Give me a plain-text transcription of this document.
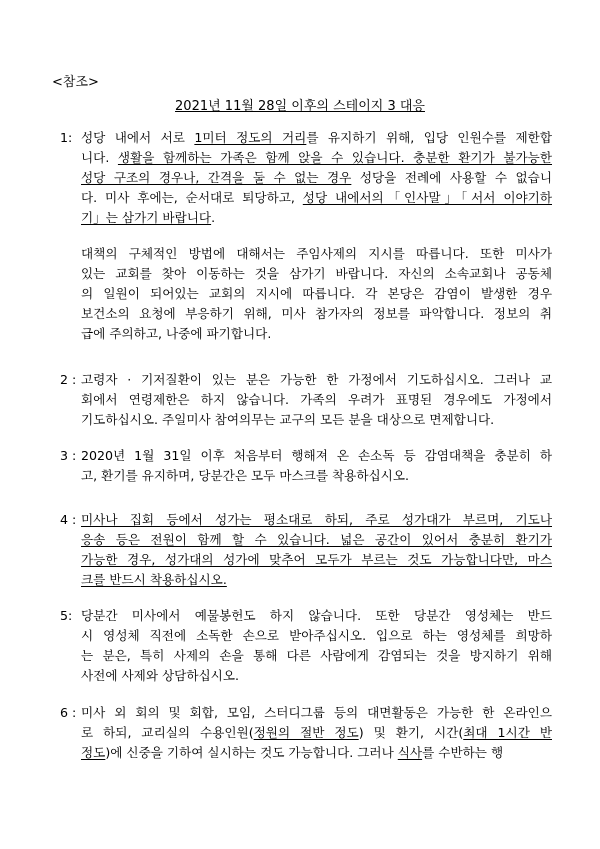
<참조>
2021년 11월 28일 이후의 스테이지 3 대응
1: 성당 내에서 서로 1미터 정도의 거리를 유지하기 위해, 입당 인원수를 제한합
니다. 생활을 함께하는 가족은 함께 앉을 수 있습니다. 충분한 환기가 불가능한
성당 구조의 경우나, 간격을 둘 수 없는 경우 성당을 전례에 사용할 수 없습니
다. 미사 후에는, 순서대로 퇴당하고, 성당 내에서의「인사말」「서서 이야기하
기」는 삼가기 바랍니다.
대책의 구체적인 방법에 대해서는 주임사제의 지시를 따릅니다. 또한 미사가
있는 교회를 찾아 이동하는 것을 삼가기 바랍니다. 자신의 소속교회나 공동체
의 일원이 되어있는 교회의 지시에 따릅니다. 각 본당은 감염이 발생한 경우
보건소의 요청에 부응하기 위해, 미사 참가자의 정보를 파악합니다. 정보의 취
급에 주의하고, 나중에 파기합니다.
2 : 고령자 · 기저질환이 있는 분은 가능한 한 가정에서 기도하십시오. 그러나 교
회에서 연령제한은 하지 않습니다. 가족의 우려가 표명된 경우에도 가정에서
기도하십시오. 주일미사 참여의무는 교구의 모든 분을 대상으로 면제합니다.
3 : 2020년 1월 31일 이후 처음부터 행해져 온 손소독 등 감염대책을 충분히 하
고, 환기를 유지하며, 당분간은 모두 마스크를 착용하십시오.
4 : 미사나 집회 등에서 성가는 평소대로 하되, 주로 성가대가 부르며, 기도나
응송 등은 전원이 함께 할 수 있습니다. 넓은 공간이 있어서 충분히 환기가
가능한 경우, 성가대의 성가에 맞추어 모두가 부르는 것도 가능합니다만, 마스
크를 반드시 착용하십시오.
5: 당분간 미사에서 예물봉헌도 하지 않습니다. 또한 당분간 영성체는 반드
시 영성체 직전에 소독한 손으로 받아주십시오. 입으로 하는 영성체를 희망하
는 분은, 특히 사제의 손을 통해 다른 사람에게 감염되는 것을 방지하기 위해
사전에 사제와 상담하십시오.
6 : 미사 외 회의 및 회합, 모임, 스터디그룹 등의 대면활동은 가능한 한 온라인으
로 하되, 교리실의 수용인원(정원의 절반 정도) 및 환기, 시간(최대 1시간 반
정도)에 신중을 기하여 실시하는 것도 가능합니다. 그러나 식사를 수반하는 행
